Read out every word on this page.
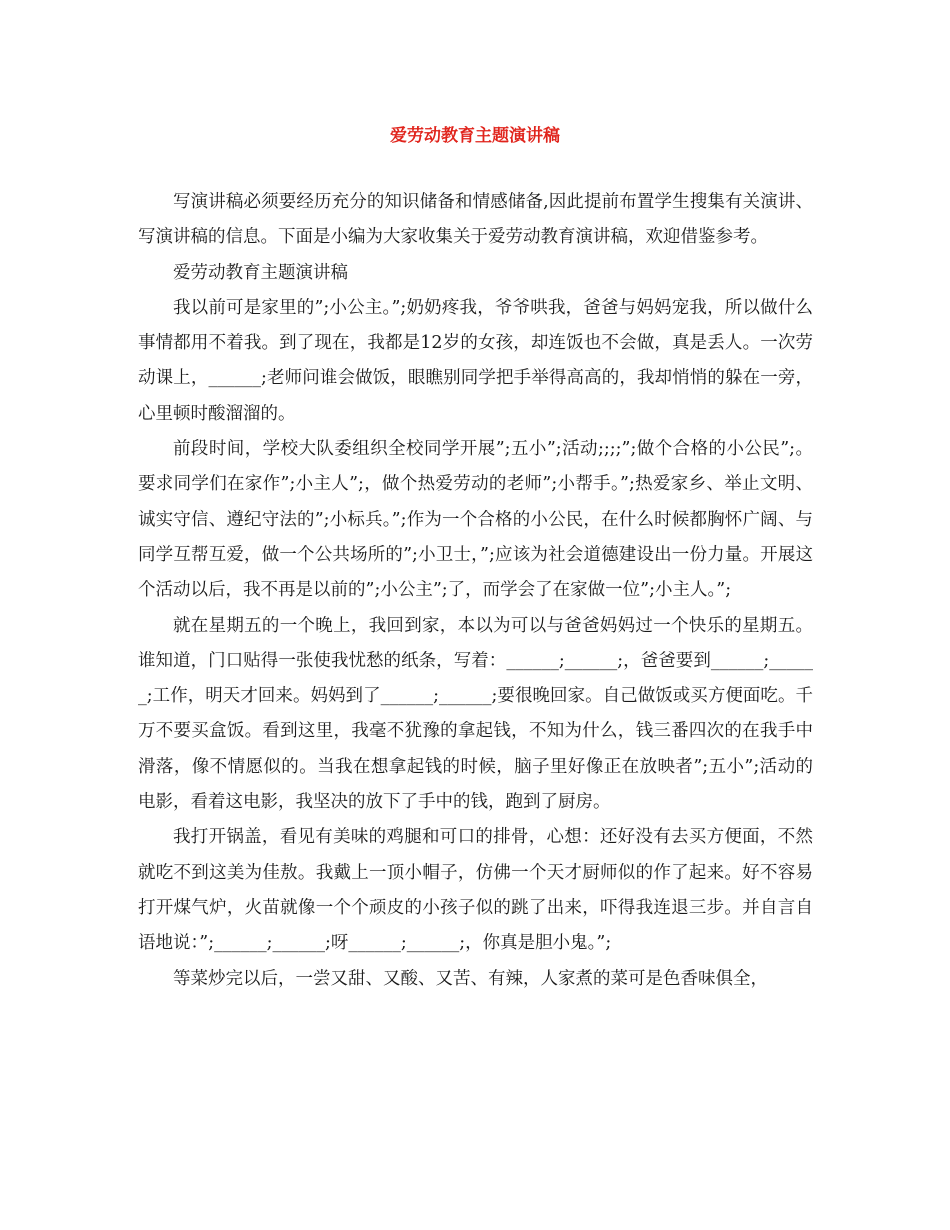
爱劳动教育主题演讲稿

写演讲稿必须要经历充分的知识储备和情感储备,因此提前布置学生搜集有关演讲、写演讲稿的信息。下面是小编为大家收集关于爱劳动教育演讲稿，欢迎借鉴参考。

爱劳动教育主题演讲稿

我以前可是家里的”;小公主。”;奶奶疼我，爷爷哄我，爸爸与妈妈宠我，所以做什么事情都用不着我。到了现在，我都是12岁的女孩，却连饭也不会做，真是丢人。一次劳动课上，______;老师问谁会做饭，眼瞧别同学把手举得高高的，我却悄悄的躲在一旁，心里顿时酸溜溜的。

前段时间，学校大队委组织全校同学开展”;五小”;活动;;;;”;做个合格的小公民”;。要求同学们在家作”;小主人”;，做个热爱劳动的老师”;小帮手。”;热爱家乡、举止文明、诚实守信、遵纪守法的”;小标兵。”;作为一个合格的小公民，在什么时候都胸怀广阔、与同学互帮互爱，做一个公共场所的”;小卫士，”;应该为社会道德建设出一份力量。开展这个活动以后，我不再是以前的”;小公主”;了，而学会了在家做一位”;小主人。”;

就在星期五的一个晚上，我回到家，本以为可以与爸爸妈妈过一个快乐的星期五。谁知道，门口贴得一张使我忧愁的纸条，写着：______;______;，爸爸要到______;______;工作，明天才回来。妈妈到了______;______;要很晚回家。自己做饭或买方便面吃。千万不要买盒饭。看到这里，我毫不犹豫的拿起钱，不知为什么，钱三番四次的在我手中滑落，像不情愿似的。当我在想拿起钱的时候，脑子里好像正在放映者”;五小”;活动的电影，看着这电影，我坚决的放下了手中的钱，跑到了厨房。

我打开锅盖，看见有美味的鸡腿和可口的排骨，心想：还好没有去买方便面，不然就吃不到这美为佳敖。我戴上一顶小帽子，仿佛一个天才厨师似的作了起来。好不容易打开煤气炉，火苗就像一个个顽皮的小孩子似的跳了出来，吓得我连退三步。并自言自语地说：”;______;______;呀______;______;，你真是胆小鬼。”;

等菜炒完以后，一尝又甜、又酸、又苦、有辣，人家煮的菜可是色香味俱全，
